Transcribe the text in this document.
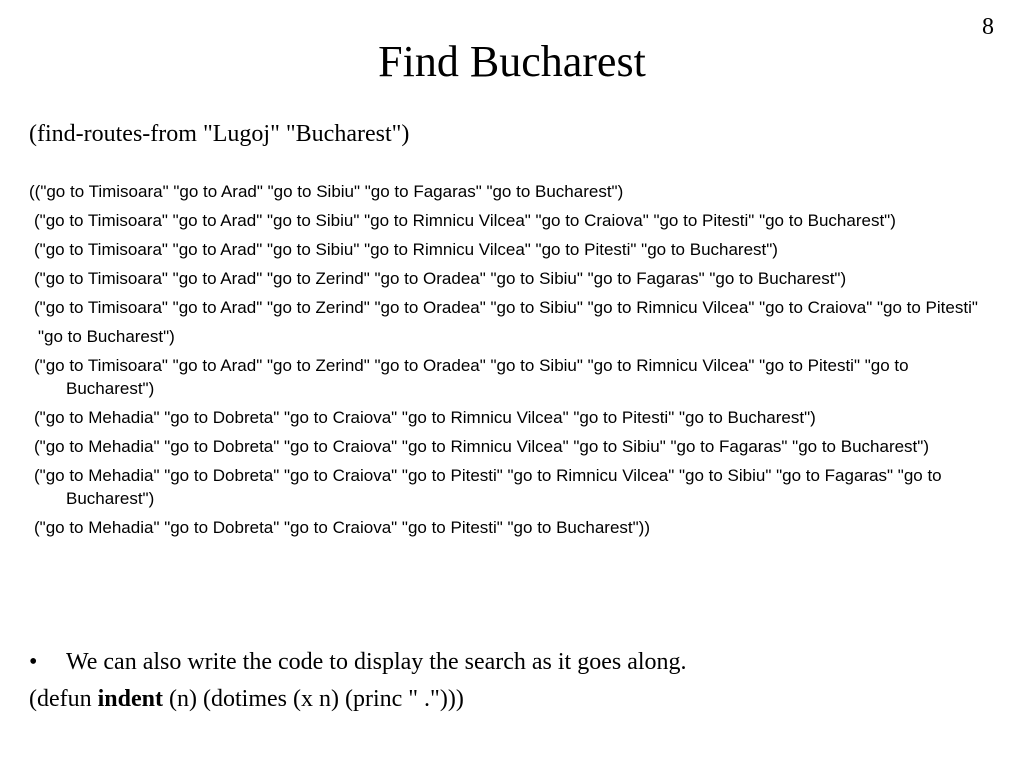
8
Find Bucharest
(find-routes-from "Lugoj" "Bucharest")
(("go to Timisoara" "go to Arad" "go to Sibiu" "go to Fagaras" "go to Bucharest")
("go to Timisoara" "go to Arad" "go to Sibiu" "go to Rimnicu Vilcea" "go to Craiova" "go to Pitesti" "go to Bucharest")
("go to Timisoara" "go to Arad" "go to Sibiu" "go to Rimnicu Vilcea" "go to Pitesti" "go to Bucharest")
("go to Timisoara" "go to Arad" "go to Zerind" "go to Oradea" "go to Sibiu" "go to Fagaras" "go to Bucharest")
("go to Timisoara" "go to Arad" "go to Zerind" "go to Oradea" "go to Sibiu" "go to Rimnicu Vilcea" "go to Craiova" "go to Pitesti"
"go to Bucharest")
("go to Timisoara" "go to Arad" "go to Zerind" "go to Oradea" "go to Sibiu" "go to Rimnicu Vilcea" "go to Pitesti" "go to Bucharest")
("go to Mehadia" "go to Dobreta" "go to Craiova" "go to Rimnicu Vilcea" "go to Pitesti" "go to Bucharest")
("go to Mehadia" "go to Dobreta" "go to Craiova" "go to Rimnicu Vilcea" "go to Sibiu" "go to Fagaras" "go to Bucharest")
("go to Mehadia" "go to Dobreta" "go to Craiova" "go to Pitesti" "go to Rimnicu Vilcea" "go to Sibiu" "go to Fagaras" "go to Bucharest")
("go to Mehadia" "go to Dobreta" "go to Craiova" "go to Pitesti" "go to Bucharest"))
•	We can also write the code to display the search as it goes along.
(defun indent (n) (dotimes (x n) (princ " .")))
